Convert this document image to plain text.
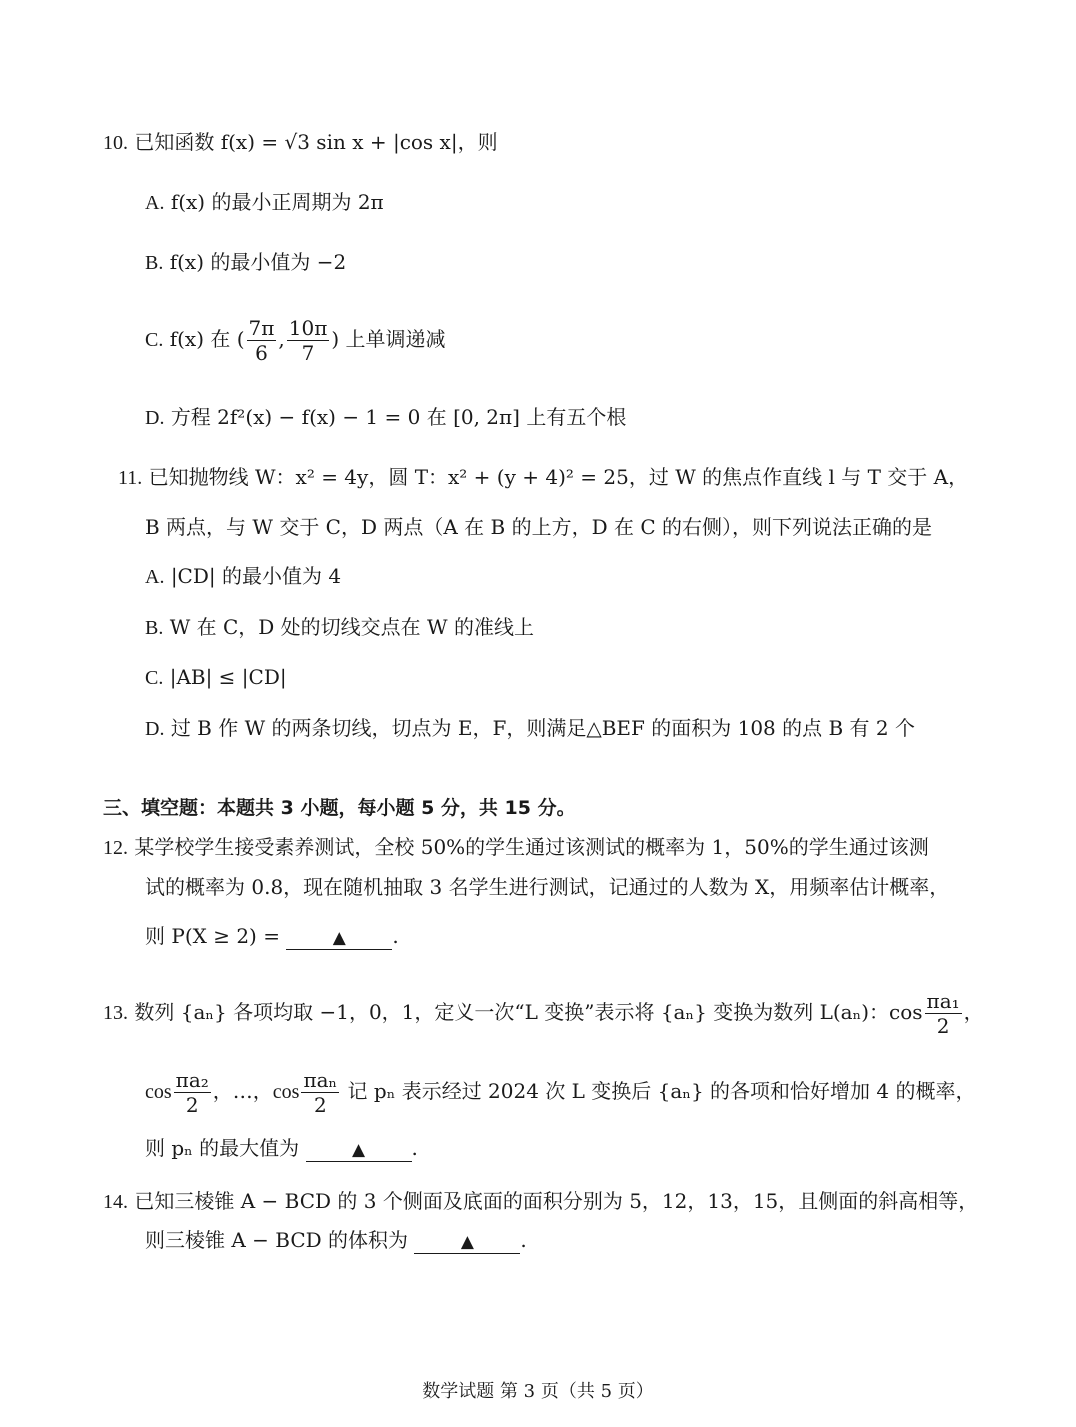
10. 已知函数 f(x) = √3 sin x + |cos x|，则
A. f(x) 的最小正周期为 2π
B. f(x) 的最小值为 −2
C. f(x) 在 ( $\frac{7\pi}{6}$ , $\frac{10\pi}{7}$ ) 上单调递减
D. 方程 2f²(x) − f(x) − 1 = 0 在 [0, 2π] 上有五个根
11. 已知抛物线 W：x² = 4y，圆 T：x² + (y + 4)² = 25，过 W 的焦点作直线 l 与 T 交于 A，
B 两点，与 W 交于 C，D 两点（A 在 B 的上方，D 在 C 的右侧），则下列说法正确的是
A. |CD| 的最小值为 4
B. W 在 C，D 处的切线交点在 W 的准线上
C. |AB| ≤ |CD|
D. 过 B 作 W 的两条切线，切点为 E，F，则满足△BEF 的面积为 108 的点 B 有 2 个
三、填空题：本题共 3 小题，每小题 5 分，共 15 分。
12. 某学校学生接受素养测试，全校 50%的学生通过该测试的概率为 1，50%的学生通过该测
试的概率为 0.8，现在随机抽取 3 名学生进行测试，记通过的人数为 X，用频率估计概率，
则 P(X ≥ 2) =	▲ .
13. 数列 {aₙ} 各项均取 −1，0，1，定义一次“L 变换”表示将 {aₙ} 变换为数列 L(aₙ)：$\cos \frac{\text{πa₁}}{2}$ ，
$\cos \frac{\text{πa₂}}{2}$ ，…，$\cos \frac{\text{πaₙ}}{2}$ 记 pₙ 表示经过 2024 次 L 变换后 {aₙ} 的各项和恰好增加 4 的概率，
则 pₙ 的最大值为	▲ .
14. 已知三棱锥 A − BCD 的 3 个侧面及底面的面积分别为 5，12，13，15，且侧面的斜高相等，
则三棱锥 A − BCD 的体积为	▲ .
数学试题 第 3 页（共 5 页）
